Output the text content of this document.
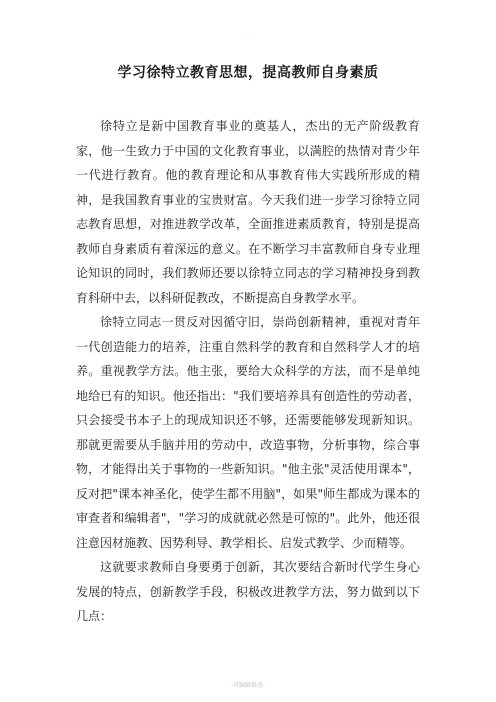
.
学习徐特立教育思想，提高教师自身素质

徐特立是新中国教育事业的奠基人，杰出的无产阶级教育家，他一生致力于中国的文化教育事业，以满腔的热情对青少年一代进行教育。他的教育理论和从事教育伟大实践所形成的精神，是我国教育事业的宝贵财富。今天我们进一步学习徐特立同志教育思想，对推进教学改革，全面推进素质教育，特别是提高教师自身素质有着深远的意义。在不断学习丰富教师自身专业理论知识的同时，我们教师还要以徐特立同志的学习精神投身到教育科研中去，以科研促教改，不断提高自身教学水平。

徐特立同志一贯反对因循守旧，崇尚创新精神，重视对青年一代创造能力的培养，注重自然科学的教育和自然科学人才的培养。重视教学方法。他主张，要给大众科学的方法，而不是单纯地给已有的知识。他还指出："我们要培养具有创造性的劳动者，只会接受书本子上的现成知识还不够，还需要能够发现新知识。那就更需要从手脑并用的劳动中，改造事物，分析事物，综合事物，才能得出关于事物的一些新知识。"他主张"灵活使用课本"，反对把"课本神圣化，使学生都不用脑"，如果"师生都成为课本的审查者和编辑者"，"学习的成就就必然是可惊的"。此外，他还很注意因材施教、因势利导、教学相长、启发式教学、少而精等。

这就要求教师自身要勇于创新，其次要结合新时代学生身心发展的特点，创新教学手段，积极改进教学方法，努力做到以下几点：

-可编辑修改-
